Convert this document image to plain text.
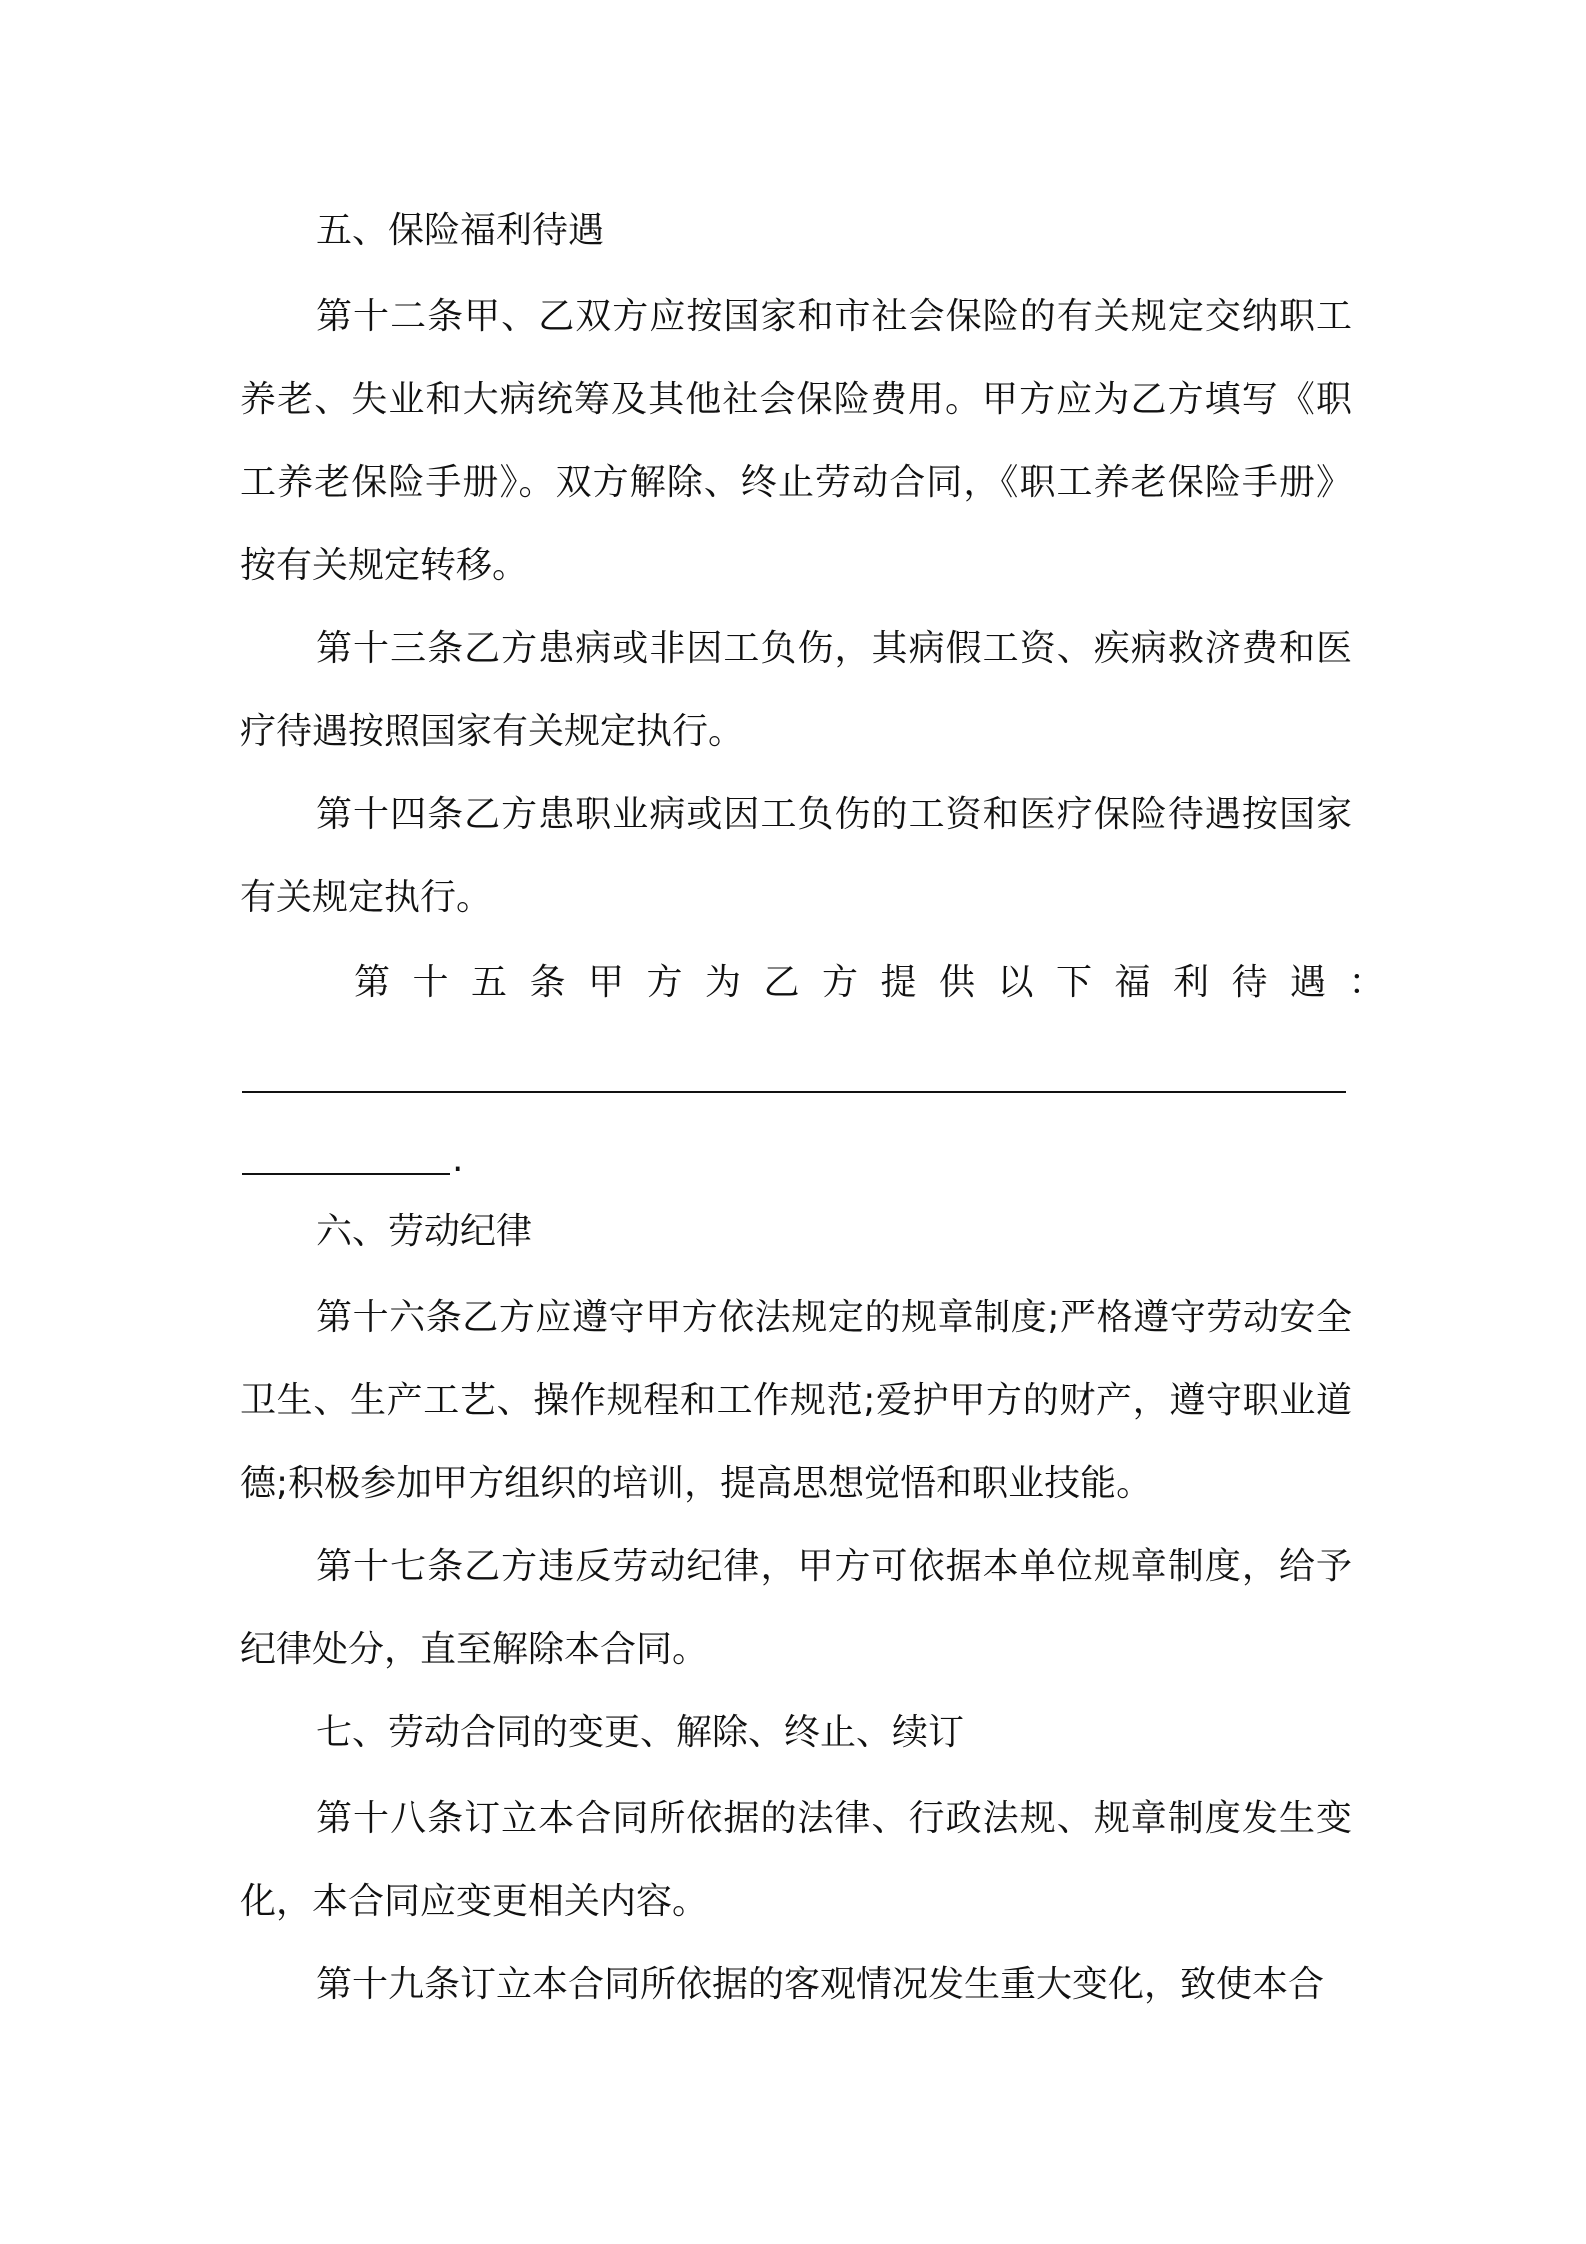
五、保险福利待遇
第十二条甲、乙双方应按国家和市社会保险的有关规定交纳职工养老、失业和大病统筹及其他社会保险费用。甲方应为乙方填写《职工养老保险手册》。双方解除、终止劳动合同，《职工养老保险手册》按有关规定转移。
第十三条乙方患病或非因工负伤，其病假工资、疾病救济费和医疗待遇按照国家有关规定执行。
第十四条乙方患职业病或因工负伤的工资和医疗保险待遇按国家有关规定执行。
第十五条甲方为乙方提供以下福利待遇：
.
六、劳动纪律
第十六条乙方应遵守甲方依法规定的规章制度;严格遵守劳动安全卫生、生产工艺、操作规程和工作规范;爱护甲方的财产，遵守职业道德;积极参加甲方组织的培训，提高思想觉悟和职业技能。
第十七条乙方违反劳动纪律，甲方可依据本单位规章制度，给予纪律处分，直至解除本合同。
七、劳动合同的变更、解除、终止、续订
第十八条订立本合同所依据的法律、行政法规、规章制度发生变化，本合同应变更相关内容。
第十九条订立本合同所依据的客观情况发生重大变化，致使本合
